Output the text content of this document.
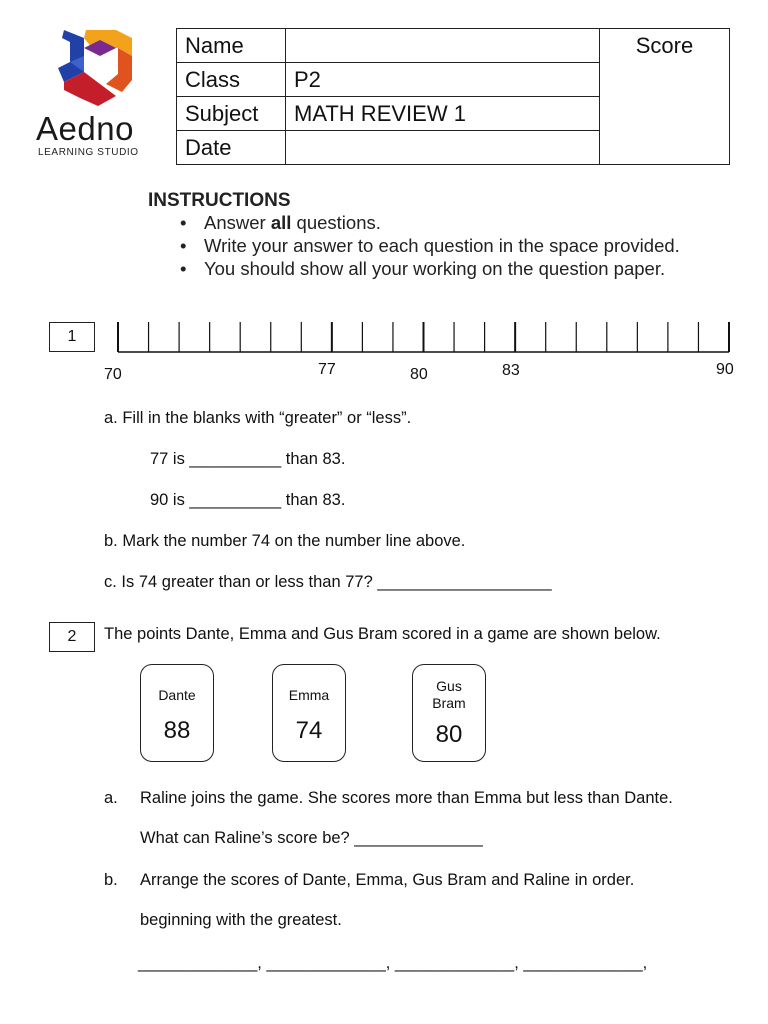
Aedno
LEARNING STUDIO
Name		Score
Class	P2	
Subject	MATH REVIEW 1	
Date		
INSTRUCTIONS
• Answer all questions.
• Write your answer to each question in the space provided.
• You should show all your working on the question paper.
1
70	77	80	83	90
a. Fill in the blanks with “greater” or “less”.
77 is __________ than 83.
90 is __________ than 83.
b. Mark the number 74 on the number line above.
c. Is 74 greater than or less than 77? ___________________
2	The points Dante, Emma and Gus Bram scored in a game are shown below.
Dante
88
Emma
74
Gus
Bram
80
a. Raline joins the game. She scores more than Emma but less than Dante.
What can Raline’s score be? ______________
b. Arrange the scores of Dante, Emma, Gus Bram and Raline in order.
beginning with the greatest.
_____________, _____________, _____________, _____________,
